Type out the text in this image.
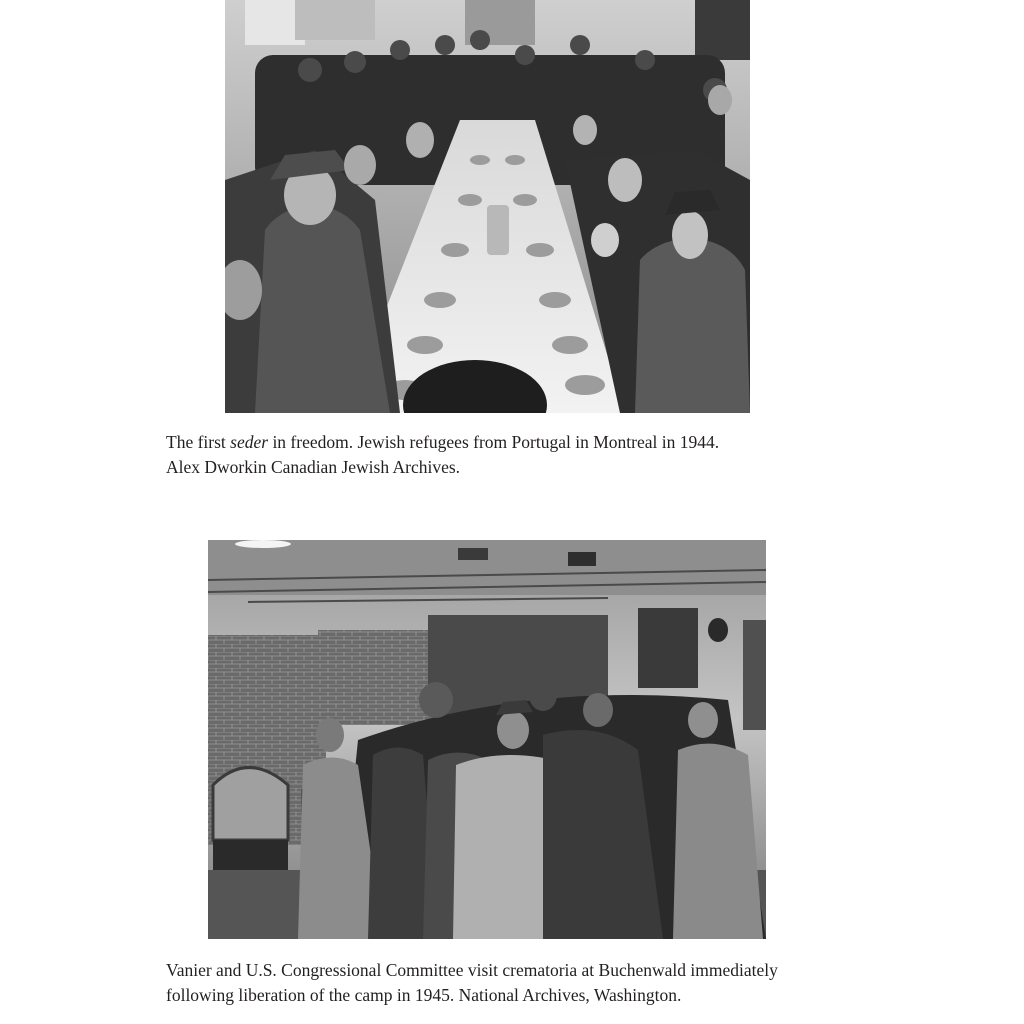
The first seder in freedom. Jewish refugees from Portugal in Montreal in 1944.
Alex Dworkin Canadian Jewish Archives.

Vanier and U.S. Congressional Committee visit crematoria at Buchenwald immediately
following liberation of the camp in 1945. National Archives, Washington.
